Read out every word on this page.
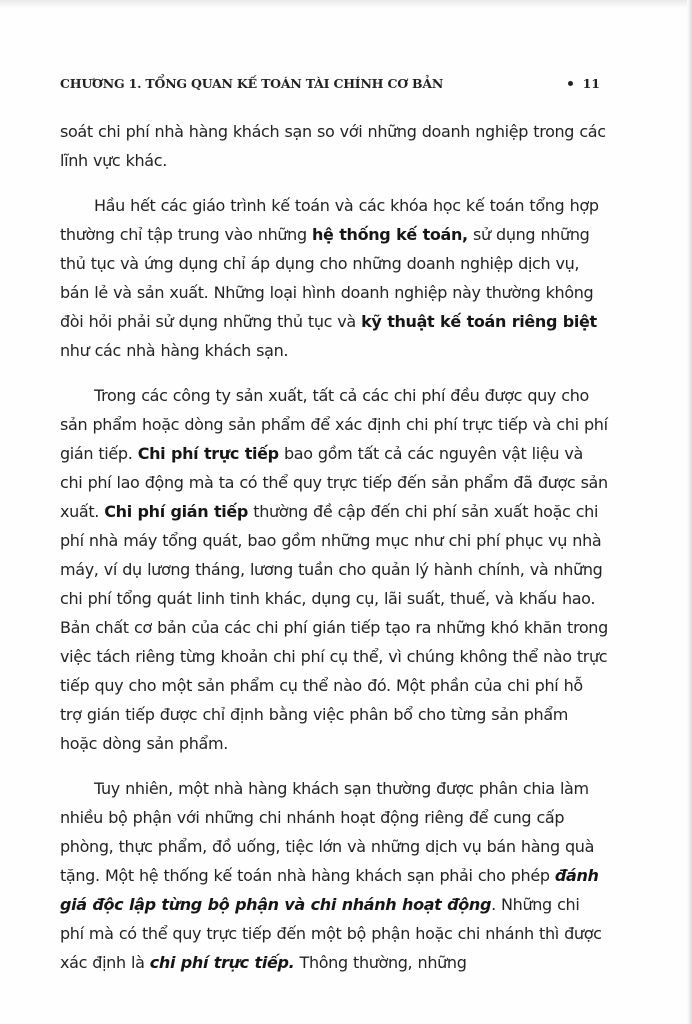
CHƯƠNG 1. TỔNG QUAN KẾ TOÁN TÀI CHÍNH CƠ BẢN	11

soát chi phí nhà hàng khách sạn so với những doanh nghiệp trong các lĩnh vực khác.

Hầu hết các giáo trình kế toán và các khóa học kế toán tổng hợp thường chỉ tập trung vào những hệ thống kế toán, sử dụng những thủ tục và ứng dụng chỉ áp dụng cho những doanh nghiệp dịch vụ, bán lẻ và sản xuất. Những loại hình doanh nghiệp này thường không đòi hỏi phải sử dụng những thủ tục và kỹ thuật kế toán riêng biệt như các nhà hàng khách sạn.

Trong các công ty sản xuất, tất cả các chi phí đều được quy cho sản phẩm hoặc dòng sản phẩm để xác định chi phí trực tiếp và chi phí gián tiếp. Chi phí trực tiếp bao gồm tất cả các nguyên vật liệu và chi phí lao động mà ta có thể quy trực tiếp đến sản phẩm đã được sản xuất. Chi phí gián tiếp thường đề cập đến chi phí sản xuất hoặc chi phí nhà máy tổng quát, bao gồm những mục như chi phí phục vụ nhà máy, ví dụ lương tháng, lương tuần cho quản lý hành chính, và những chi phí tổng quát linh tinh khác, dụng cụ, lãi suất, thuế, và khấu hao. Bản chất cơ bản của các chi phí gián tiếp tạo ra những khó khăn trong việc tách riêng từng khoản chi phí cụ thể, vì chúng không thể nào trực tiếp quy cho một sản phẩm cụ thể nào đó. Một phần của chi phí hỗ trợ gián tiếp được chỉ định bằng việc phân bổ cho từng sản phẩm hoặc dòng sản phẩm.

Tuy nhiên, một nhà hàng khách sạn thường được phân chia làm nhiều bộ phận với những chi nhánh hoạt động riêng để cung cấp phòng, thực phẩm, đồ uống, tiệc lớn và những dịch vụ bán hàng quà tặng. Một hệ thống kế toán nhà hàng khách sạn phải cho phép đánh giá độc lập từng bộ phận và chi nhánh hoạt động. Những chi phí mà có thể quy trực tiếp đến một bộ phận hoặc chi nhánh thì được xác định là chi phí trực tiếp. Thông thường, những
